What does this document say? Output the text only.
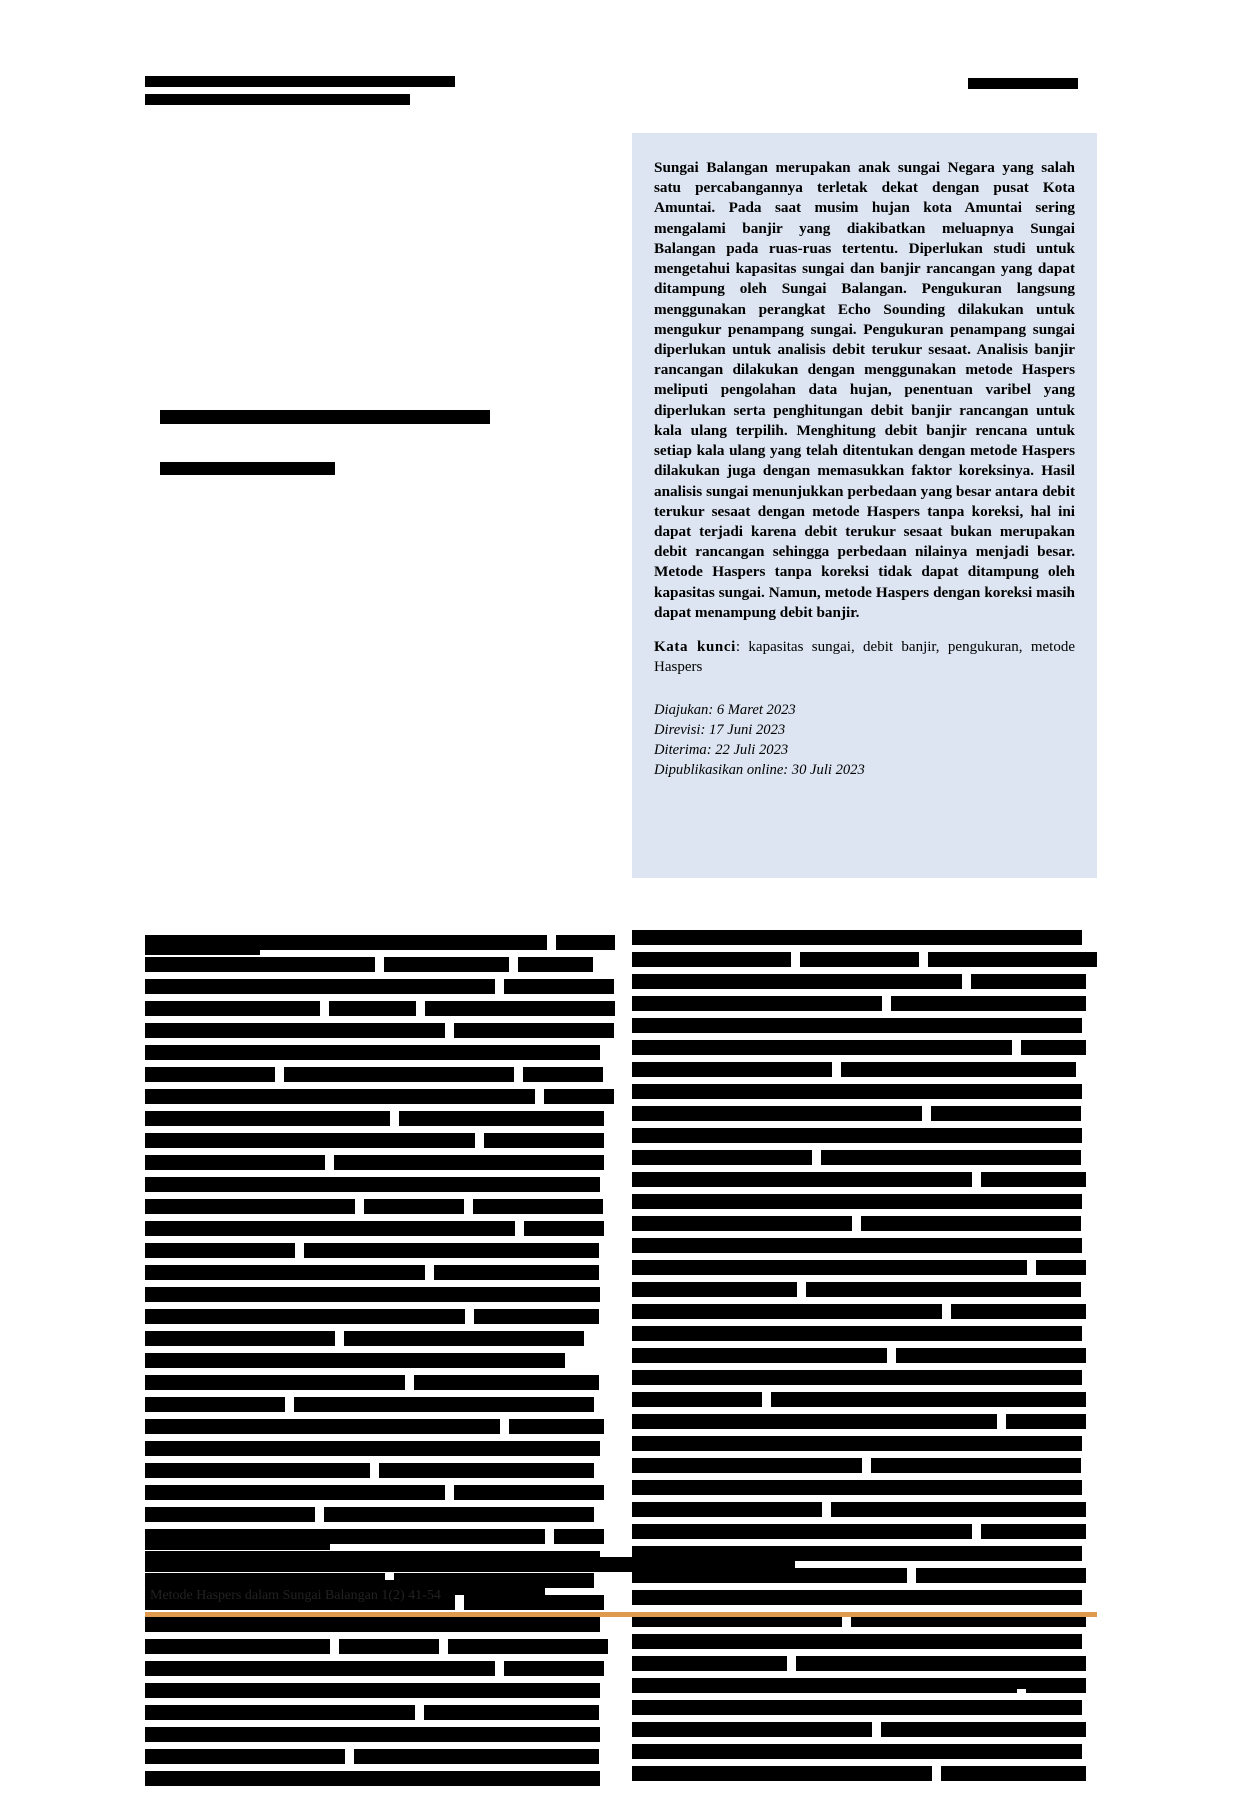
Analisis Kapasitas Sungai
Balangan: Perbandingan
Debit Terukur dengan
Metode Haspers
Nurhidayati Rahmah Al-Anbari¹ Nitra Anaf¹ Nourdin Yanda¹

Sungai Balangan merupakan anak sungai Negara yang salah satu percabangannya terletak dekat dengan pusat Kota Amuntai. Pada saat musim hujan kota Amuntai sering mengalami banjir yang diakibatkan meluapnya Sungai Balangan pada ruas-ruas tertentu. Diperlukan studi untuk mengetahui kapasitas sungai dan banjir rancangan yang dapat ditampung oleh Sungai Balangan. Pengukuran langsung menggunakan perangkat Echo Sounding dilakukan untuk mengukur penampang sungai. Pengukuran penampang sungai diperlukan untuk analisis debit terukur sesaat. Analisis banjir rancangan dilakukan dengan menggunakan metode Haspers meliputi pengolahan data hujan, penentuan varibel yang diperlukan serta penghitungan debit banjir rancangan untuk kala ulang terpilih. Menghitung debit banjir rencana untuk setiap kala ulang yang telah ditentukan dengan metode Haspers dilakukan juga dengan memasukkan faktor koreksinya. Hasil analisis sungai menunjukkan perbedaan yang besar antara debit terukur sesaat dengan metode Haspers tanpa koreksi, hal ini dapat terjadi karena debit terukur sesaat bukan merupakan debit rancangan sehingga perbedaan nilainya menjadi besar. Metode Haspers tanpa koreksi tidak dapat ditampung oleh kapasitas sungai. Namun, metode Haspers dengan koreksi masih dapat menampung debit banjir.

Kata kunci: kapasitas sungai, debit banjir, pengukuran, metode Haspers
Diajukan: 6 Maret 2023
Direvisi: 17 Juni 2023
Diterima: 22 Juli 2023
Dipublikasikan online: 30 Juli 2023
Metode Haspers dalam Sungai Balangan 1(2) 41-54
